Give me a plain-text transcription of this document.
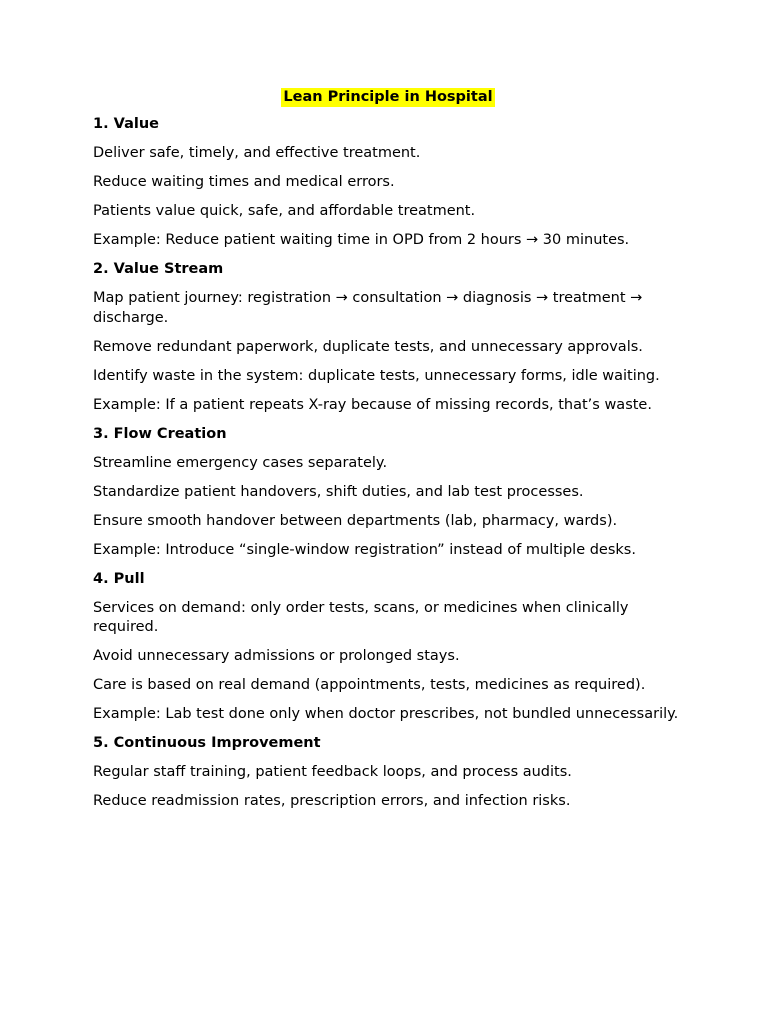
Lean Principle in Hospital
1. Value
Deliver safe, timely, and effective treatment.
Reduce waiting times and medical errors.
Patients value quick, safe, and affordable treatment.
Example: Reduce patient waiting time in OPD from 2 hours → 30 minutes.
2. Value Stream
Map patient journey: registration → consultation → diagnosis → treatment → discharge.
Remove redundant paperwork, duplicate tests, and unnecessary approvals.
Identify waste in the system: duplicate tests, unnecessary forms, idle waiting.
Example: If a patient repeats X-ray because of missing records, that’s waste.
3. Flow Creation
Streamline emergency cases separately.
Standardize patient handovers, shift duties, and lab test processes.
Ensure smooth handover between departments (lab, pharmacy, wards).
Example: Introduce “single-window registration” instead of multiple desks.
4. Pull
Services on demand: only order tests, scans, or medicines when clinically required.
Avoid unnecessary admissions or prolonged stays.
Care is based on real demand (appointments, tests, medicines as required).
Example: Lab test done only when doctor prescribes, not bundled unnecessarily.
5. Continuous Improvement
Regular staff training, patient feedback loops, and process audits.
Reduce readmission rates, prescription errors, and infection risks.
